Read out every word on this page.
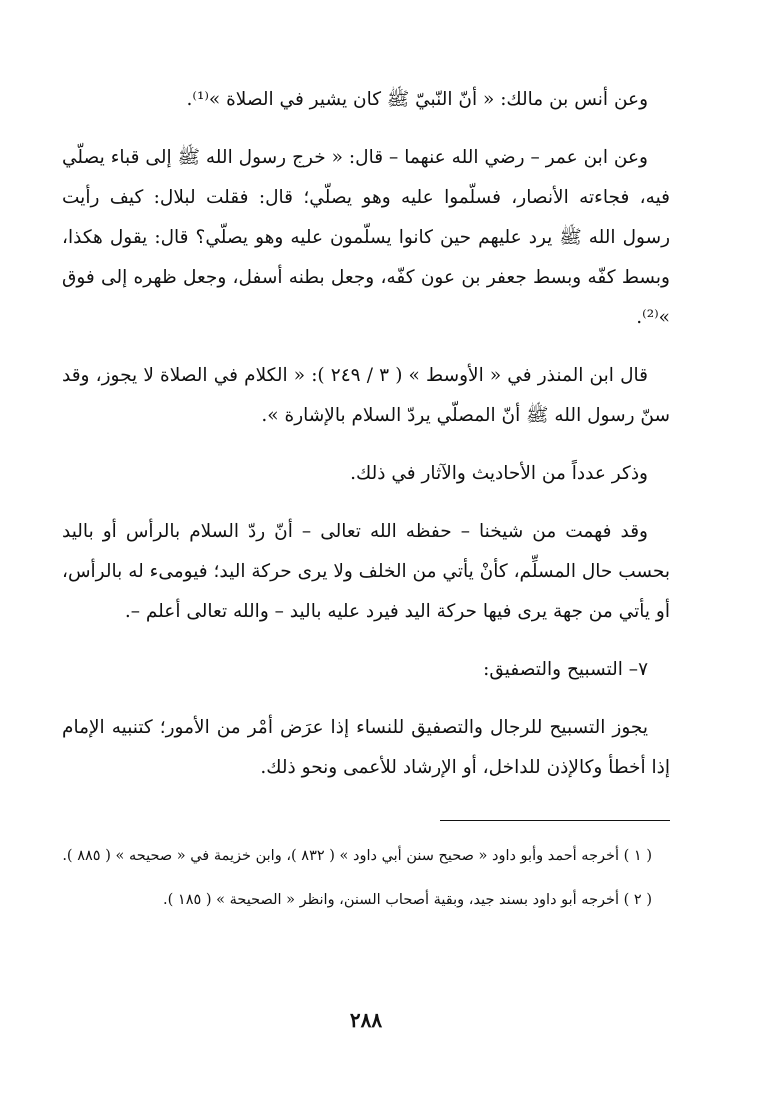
وعن أنس بن مالك: « أنّ النّبيّ ﷺ كان يشير في الصلاة »⁽¹⁾.

وعن ابن عمر – رضي الله عنهما – قال: « خرج رسول الله ﷺ إلى قباء يصلّي فيه، فجاءته الأنصار، فسلّموا عليه وهو يصلّي؛ قال: فقلت لبلال: كيف رأيت رسول الله ﷺ يرد عليهم حين كانوا يسلّمون عليه وهو يصلّي؟ قال: يقول هكذا، وبسط كفّه وبسط جعفر بن عون كفّه، وجعل بطنه أسفل، وجعل ظهره إلى فوق »⁽²⁾.

قال ابن المنذر في « الأوسط » ( ٣ / ٢٤٩ ): « الكلام في الصلاة لا يجوز، وقد سنّ رسول الله ﷺ أنّ المصلّي يردّ السلام بالإشارة ».

وذكر عدداً من الأحاديث والآثار في ذلك.

وقد فهمت من شيخنا – حفظه الله تعالى – أنّ ردّ السلام بالرأس أو باليد بحسب حال المسلِّم، كأنْ يأتي من الخلف ولا يرى حركة اليد؛ فيومىء له بالرأس، أو يأتي من جهة يرى فيها حركة اليد فيرد عليه باليد – والله تعالى أعلم –.

٧– التسبيح والتصفيق:

يجوز التسبيح للرجال والتصفيق للنساء إذا عرَض أمْر من الأمور؛ كتنبيه الإمام إذا أخطأ وكالإذن للداخل، أو الإرشاد للأعمى ونحو ذلك.

( ١ ) أخرجه أحمد وأبو داود « صحيح سنن أبي داود » ( ٨٣٢ )، وابن خزيمة في « صحيحه » ( ٨٨٥ ).

( ٢ ) أخرجه أبو داود بسند جيد، وبقية أصحاب السنن، وانظر « الصحيحة » ( ١٨٥ ).

٢٨٨
